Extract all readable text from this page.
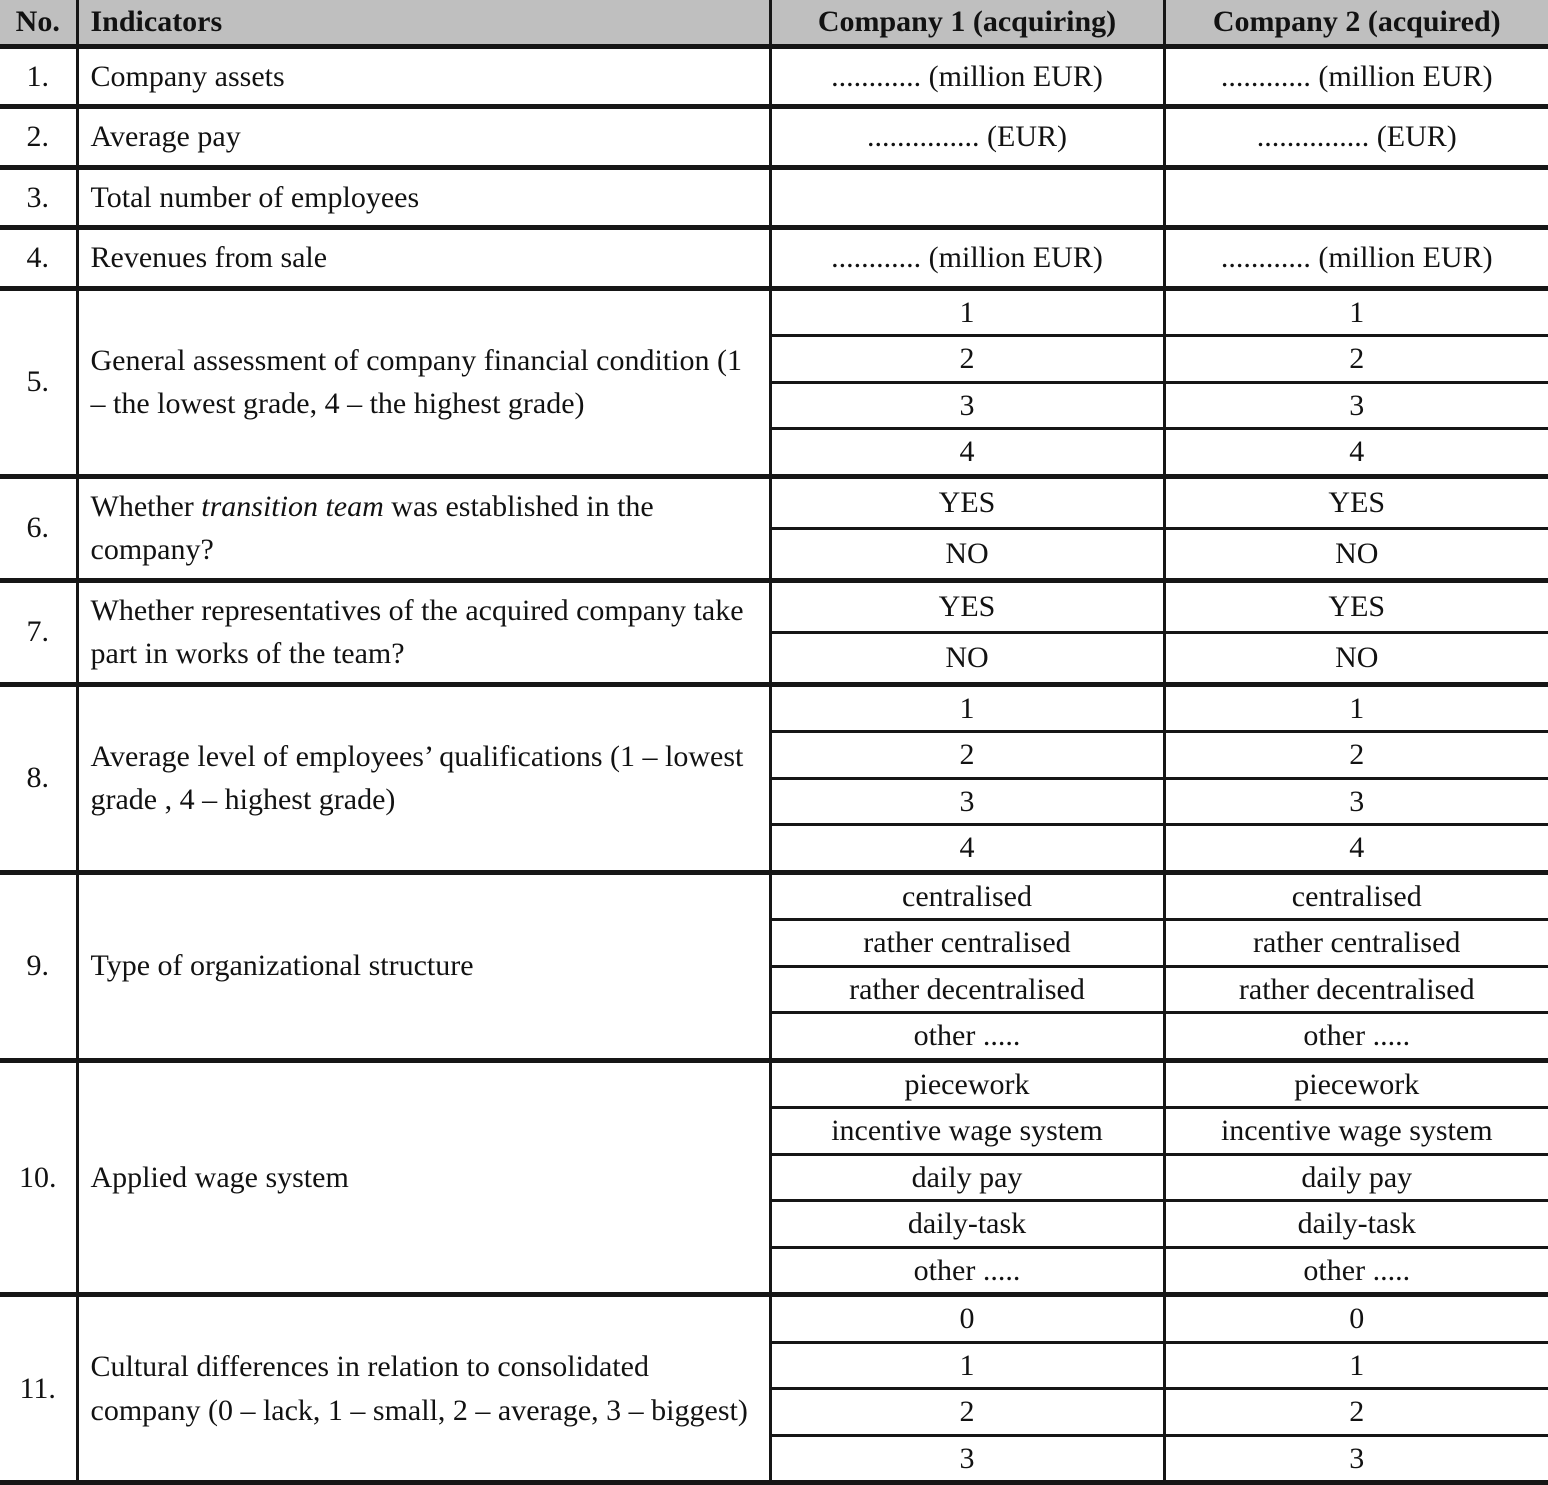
No.	Indicators	Company 1 (acquiring)	Company 2 (acquired)
1.	Company assets	............ (million EUR)	............ (million EUR)
2.	Average pay	............... (EUR)	............... (EUR)
3.	Total number of employees		
4.	Revenues from sale	............ (million EUR)	............ (million EUR)
5.	General assessment of company financial condition (1 – the lowest grade, 4 – the highest grade)	1	1
		2	2
		3	3
		4	4
6.	Whether transition team was established in the company?	YES	YES
		NO	NO
7.	Whether representatives of the acquired company take part in works of the team?	YES	YES
		NO	NO
8.	Average level of employees’ qualifications (1 – lowest grade , 4 – highest grade)	1	1
		2	2
		3	3
		4	4
9.	Type of organizational structure	centralised	centralised
		rather centralised	rather centralised
		rather decentralised	rather decentralised
		other .....	other .....
10.	Applied wage system	piecework	piecework
		incentive wage system	incentive wage system
		daily pay	daily pay
		daily-task	daily-task
		other .....	other .....
11.	Cultural differences in relation to consolidated company (0 – lack, 1 – small, 2 – average, 3 – biggest)	0	0
		1	1
		2	2
		3	3
